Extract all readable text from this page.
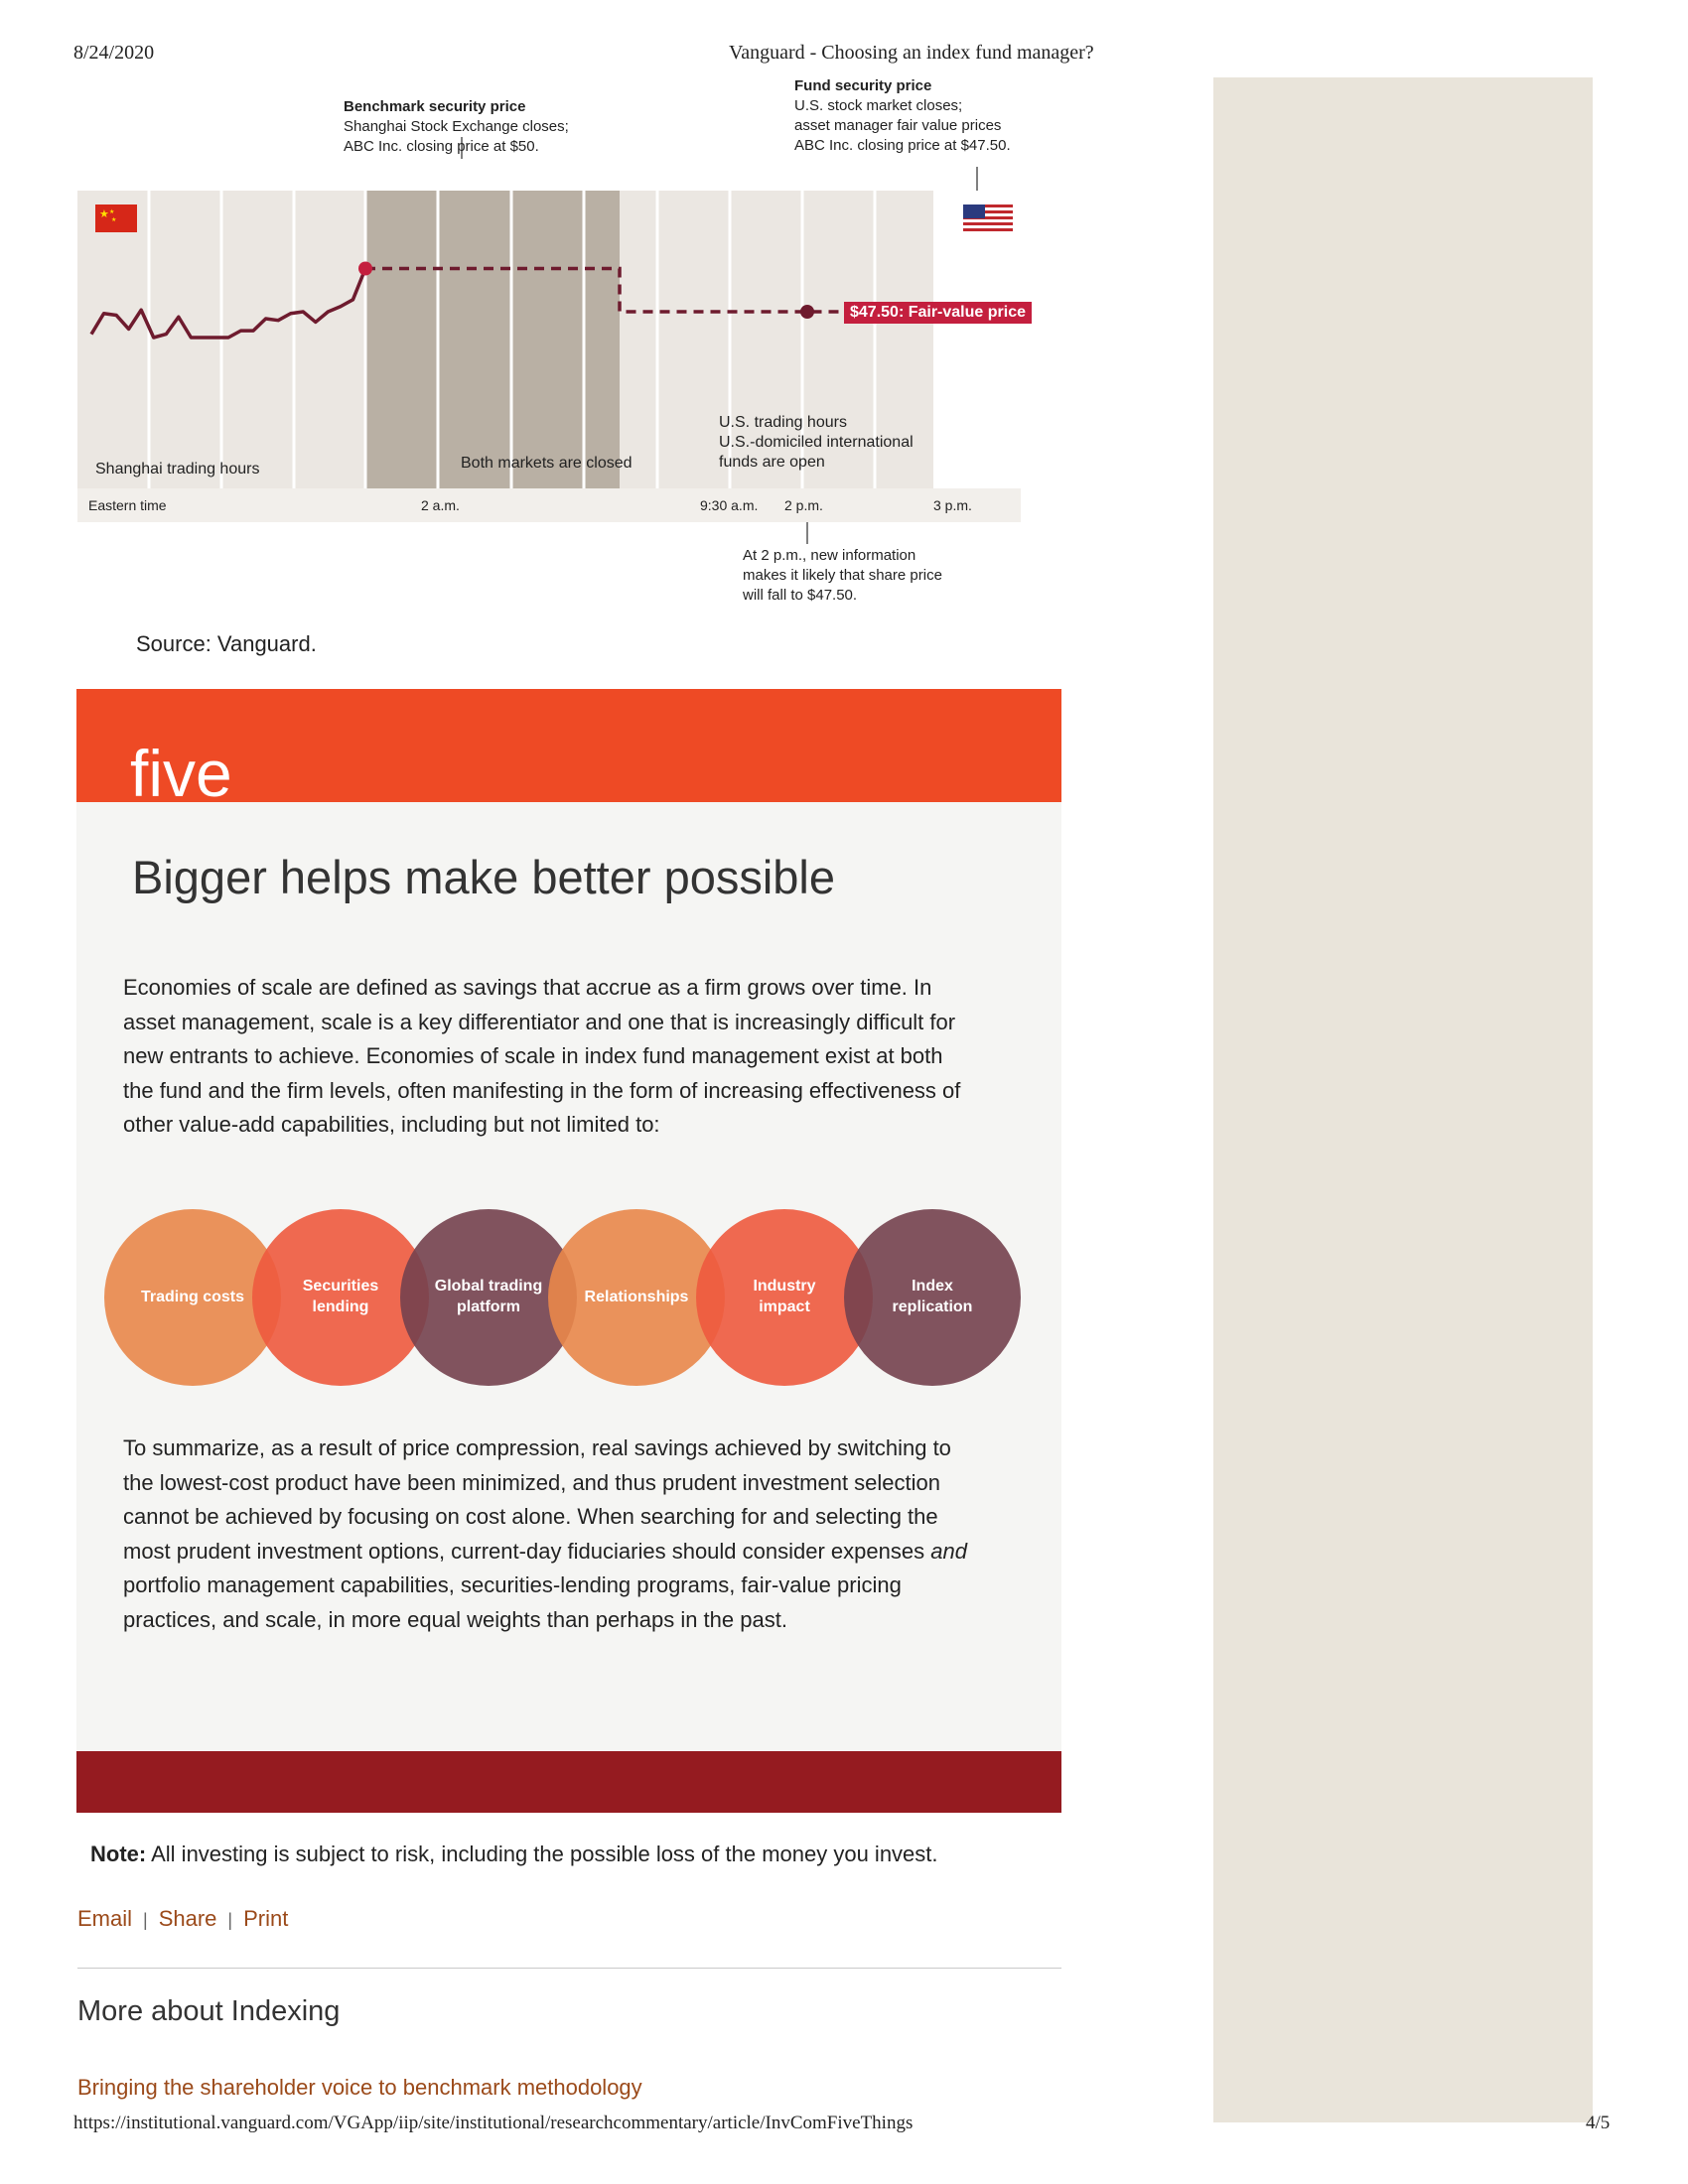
8/24/2020	Vanguard - Choosing an index fund manager?
★ ★
★
Benchmark security price
Shanghai Stock Exchange closes;
ABC Inc. closing price at $50.
Fund security price
U.S. stock market closes;
asset manager fair value prices
ABC Inc. closing price at $47.50.
$47.50: Fair-value price
Shanghai trading hours	Both markets are closed
U.S. trading hours
U.S.-domiciled international
funds are open
Eastern time	2 a.m.	9:30 a.m. 2 p.m.	3 p.m.
At 2 p.m., new information
makes it likely that share price
will fall to $47.50.
Source: Vanguard.
five
Bigger helps make better possible
Economies of scale are defined as savings that accrue as a firm grows over time. In asset management, scale is a key differentiator and one that is increasingly difficult for new entrants to achieve. Economies of scale in index fund management exist at both the fund and the firm levels, often manifesting in the form of increasing effectiveness of other value-add capabilities, including but not limited to:
Trading costs
Securities lending
Global trading platform
Relationships
Industry impact
Index replication
To summarize, as a result of price compression, real savings achieved by switching to the lowest-cost product have been minimized, and thus prudent investment selection cannot be achieved by focusing on cost alone. When searching for and selecting the most prudent investment options, current-day fiduciaries should consider expenses and portfolio management capabilities, securities-lending programs, fair-value pricing practices, and scale, in more equal weights than perhaps in the past.
Note: All investing is subject to risk, including the possible loss of the money you invest.
Email | Share | Print
More about Indexing
Bringing the shareholder voice to benchmark methodology
https://institutional.vanguard.com/VGApp/iip/site/institutional/researchcommentary/article/InvComFiveThings	4/5
